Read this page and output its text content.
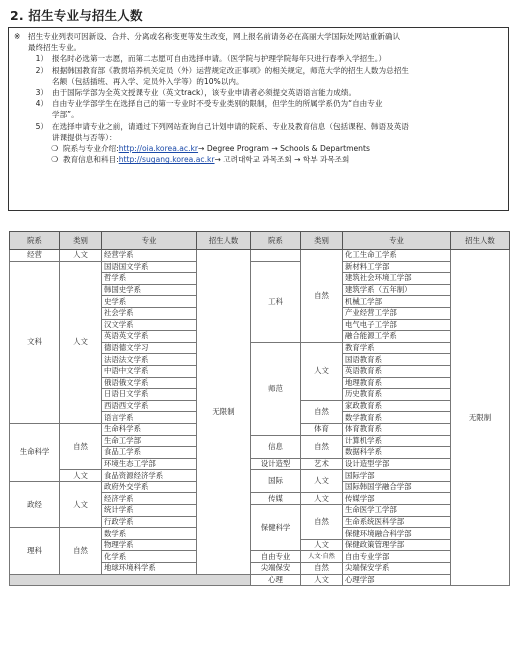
2. 招生专业与招生人数
※	招生专业列表可因新设、合并、分离或名称变更等发生改变，网上报名前请务必在高丽大学国际处网站重新确认
最终招生专业。
1） 报名时必选第一志愿，而第二志愿可自由选择申请。（医学院与护理学院每年只进行春季入学招生。）
2） 根据韩国教育部《教贯培养机关定员（外）运营规定改正事项》的相关规定，师范大学的招生人数为总招生
名额（包括插班、再入学、定员外入学等）的10%以内。
3） 由于国际学部为全英文授课专业（英文track），该专业申请者必须提交英语语言能力成绩。
4） 自由专业学部学生在选择自己的第一专业时不受专业类别的限制，但学生的所属学系仍为“自由专业
学部”。
5） 在选择申请专业之前，请通过下列网站查询自己计划申请的院系、专业及教育信息（包括课程、韩语及英语
讲课提供与否等）：
❍ 院系与专业介绍: http://oia.korea.ac.kr → Degree Program → Schools & Departments
❍ 教育信息和科目: http://sugang.korea.ac.kr → 고려대학교 과목조회 → 학부 과목조회
院系	类别	专业	招生人数	院系	类别	专业	招生人数
经营	人文	经营学系	无限制		自然	化工生命工学系	无限制
文科	人文	国语国文学系		工科		新材料工学部	
		哲学系				建筑社会环境工学部	
		韩国史学系				建筑学系（五年制）	
		史学系				机械工学部	
		社会学系				产业经营工学部	
		汉文学系				电气电子工学部	
		英语英文学系				融合能源工学系	
		德语德文学习		师范	人文	教育学系	
		法语法文学系				国语教育系	
		中语中文学系				英语教育系	
		俄语俄文学系				地理教育系	
		日语日文学系				历史教育系	
		西语西文学系			自然	家政教育系	
		语言学系				数学教育系	
生命科学	自然	生命科学系			体育	体育教育系	
		生命工学部		信息	自然	计算机学系	
		食品工学系				数据科学系	
		环境生态工学部		设计造型	艺术	设计造型学部	
	人文	食品资源经济学系		国际	人文	国际学部	
政经	人文	政府外交学系				国际韩国学融合学部	
		经济学系		传媒	人文	传媒学部	
		统计学系		保健科学	自然	生命医学工学部	
		行政学系				生命系统医科学部	
理科	自然	数学系				保健环境融合科学部	
		物理学系			人文	保健政策管理学部	
		化学系		自由专业	人文·自然	自由专业学部	
		地球环境科学系		尖端保安	自然	尖端保安学系	
				心理	人文	心理学部	
